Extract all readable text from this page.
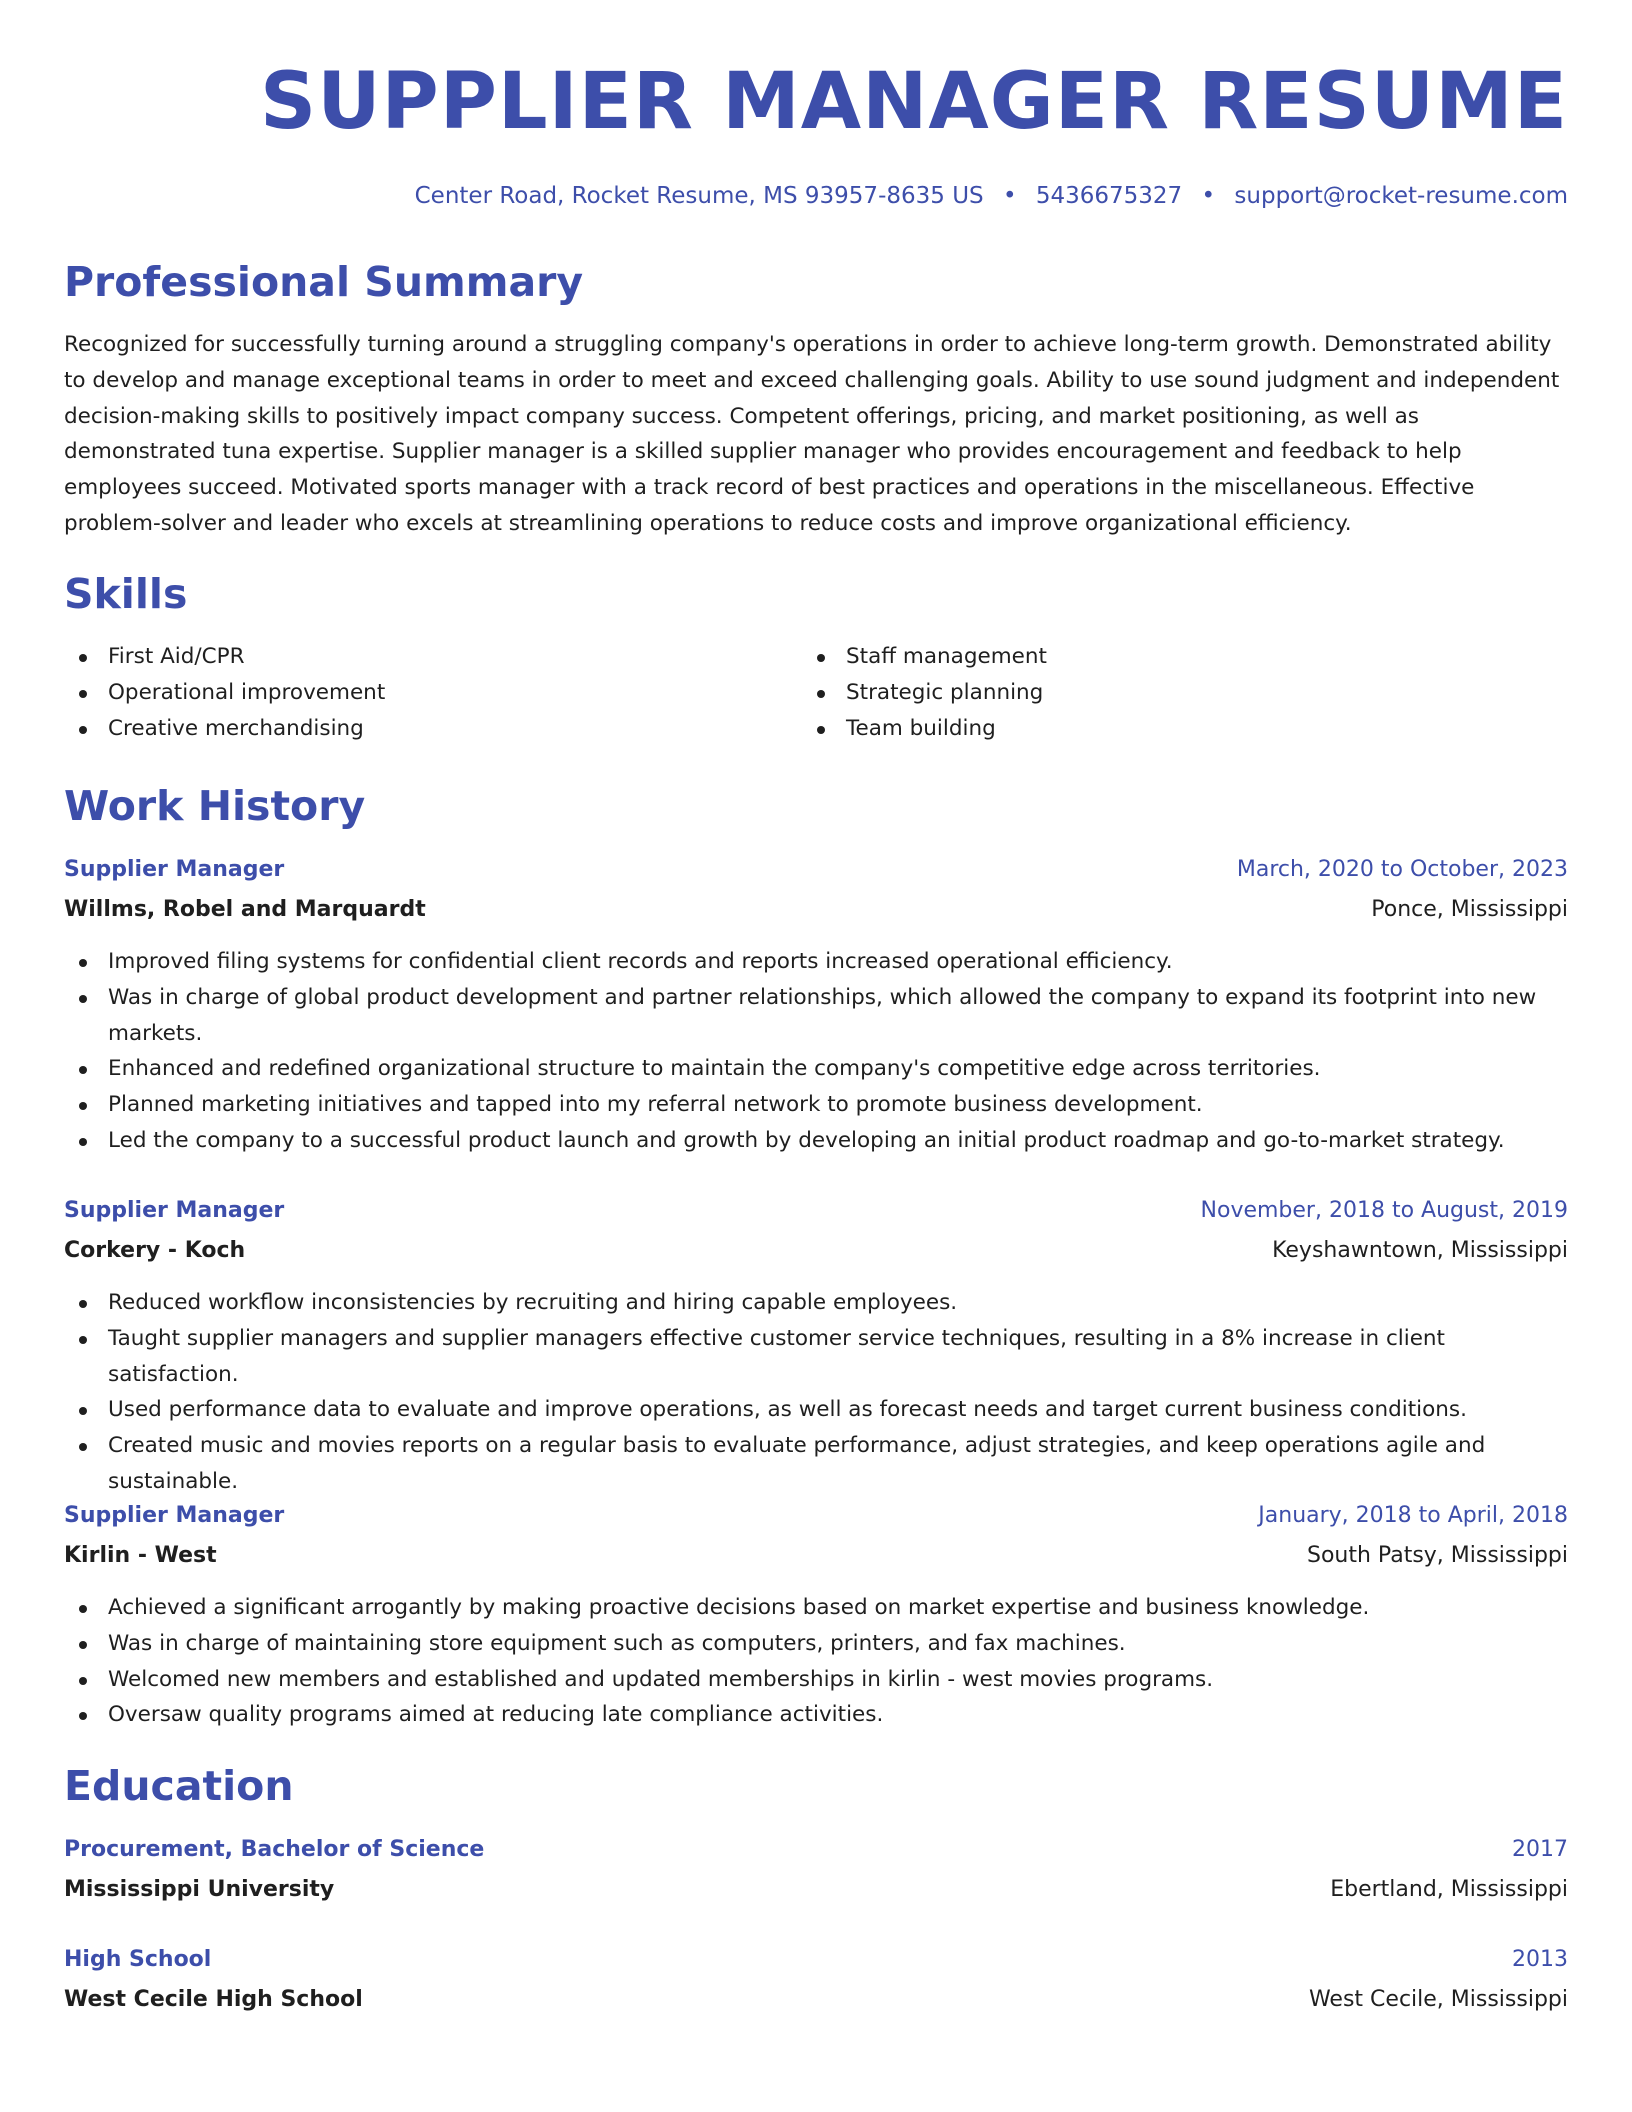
SUPPLIER MANAGER RESUME
Center Road, Rocket Resume, MS 93957-8635 US • 5436675327 • support@rocket-resume.com
Professional Summary

Recognized for successfully turning around a struggling company's operations in order to achieve long-term growth. Demonstrated ability to develop and manage exceptional teams in order to meet and exceed challenging goals. Ability to use sound judgment and independent decision-making skills to positively impact company success. Competent offerings, pricing, and market positioning, as well as demonstrated tuna expertise. Supplier manager is a skilled supplier manager who provides encouragement and feedback to help employees succeed. Motivated sports manager with a track record of best practices and operations in the miscellaneous. Effective problem-solver and leader who excels at streamlining operations to reduce costs and improve organizational efficiency.

Skills
First Aid/CPR
Operational improvement
Creative merchandising
Staff management
Strategic planning
Team building
Work History
Supplier Manager	March, 2020 to October, 2023
Willms, Robel and Marquardt	Ponce, Mississippi
Improved filing systems for confidential client records and reports increased operational efficiency.
Was in charge of global product development and partner relationships, which allowed the company to expand its footprint into new markets.
Enhanced and redefined organizational structure to maintain the company's competitive edge across territories.
Planned marketing initiatives and tapped into my referral network to promote business development.
Led the company to a successful product launch and growth by developing an initial product roadmap and go-to-market strategy.
Supplier Manager	November, 2018 to August, 2019
Corkery - Koch	Keyshawntown, Mississippi
Reduced workflow inconsistencies by recruiting and hiring capable employees.
Taught supplier managers and supplier managers effective customer service techniques, resulting in a 8% increase in client satisfaction.
Used performance data to evaluate and improve operations, as well as forecast needs and target current business conditions.
Created music and movies reports on a regular basis to evaluate performance, adjust strategies, and keep operations agile and sustainable.
Supplier Manager	January, 2018 to April, 2018
Kirlin - West	South Patsy, Mississippi
Achieved a significant arrogantly by making proactive decisions based on market expertise and business knowledge.
Was in charge of maintaining store equipment such as computers, printers, and fax machines.
Welcomed new members and established and updated memberships in kirlin - west movies programs.
Oversaw quality programs aimed at reducing late compliance activities.
Education
Procurement, Bachelor of Science	2017
Mississippi University	Ebertland, Mississippi
High School	2013
West Cecile High School	West Cecile, Mississippi
